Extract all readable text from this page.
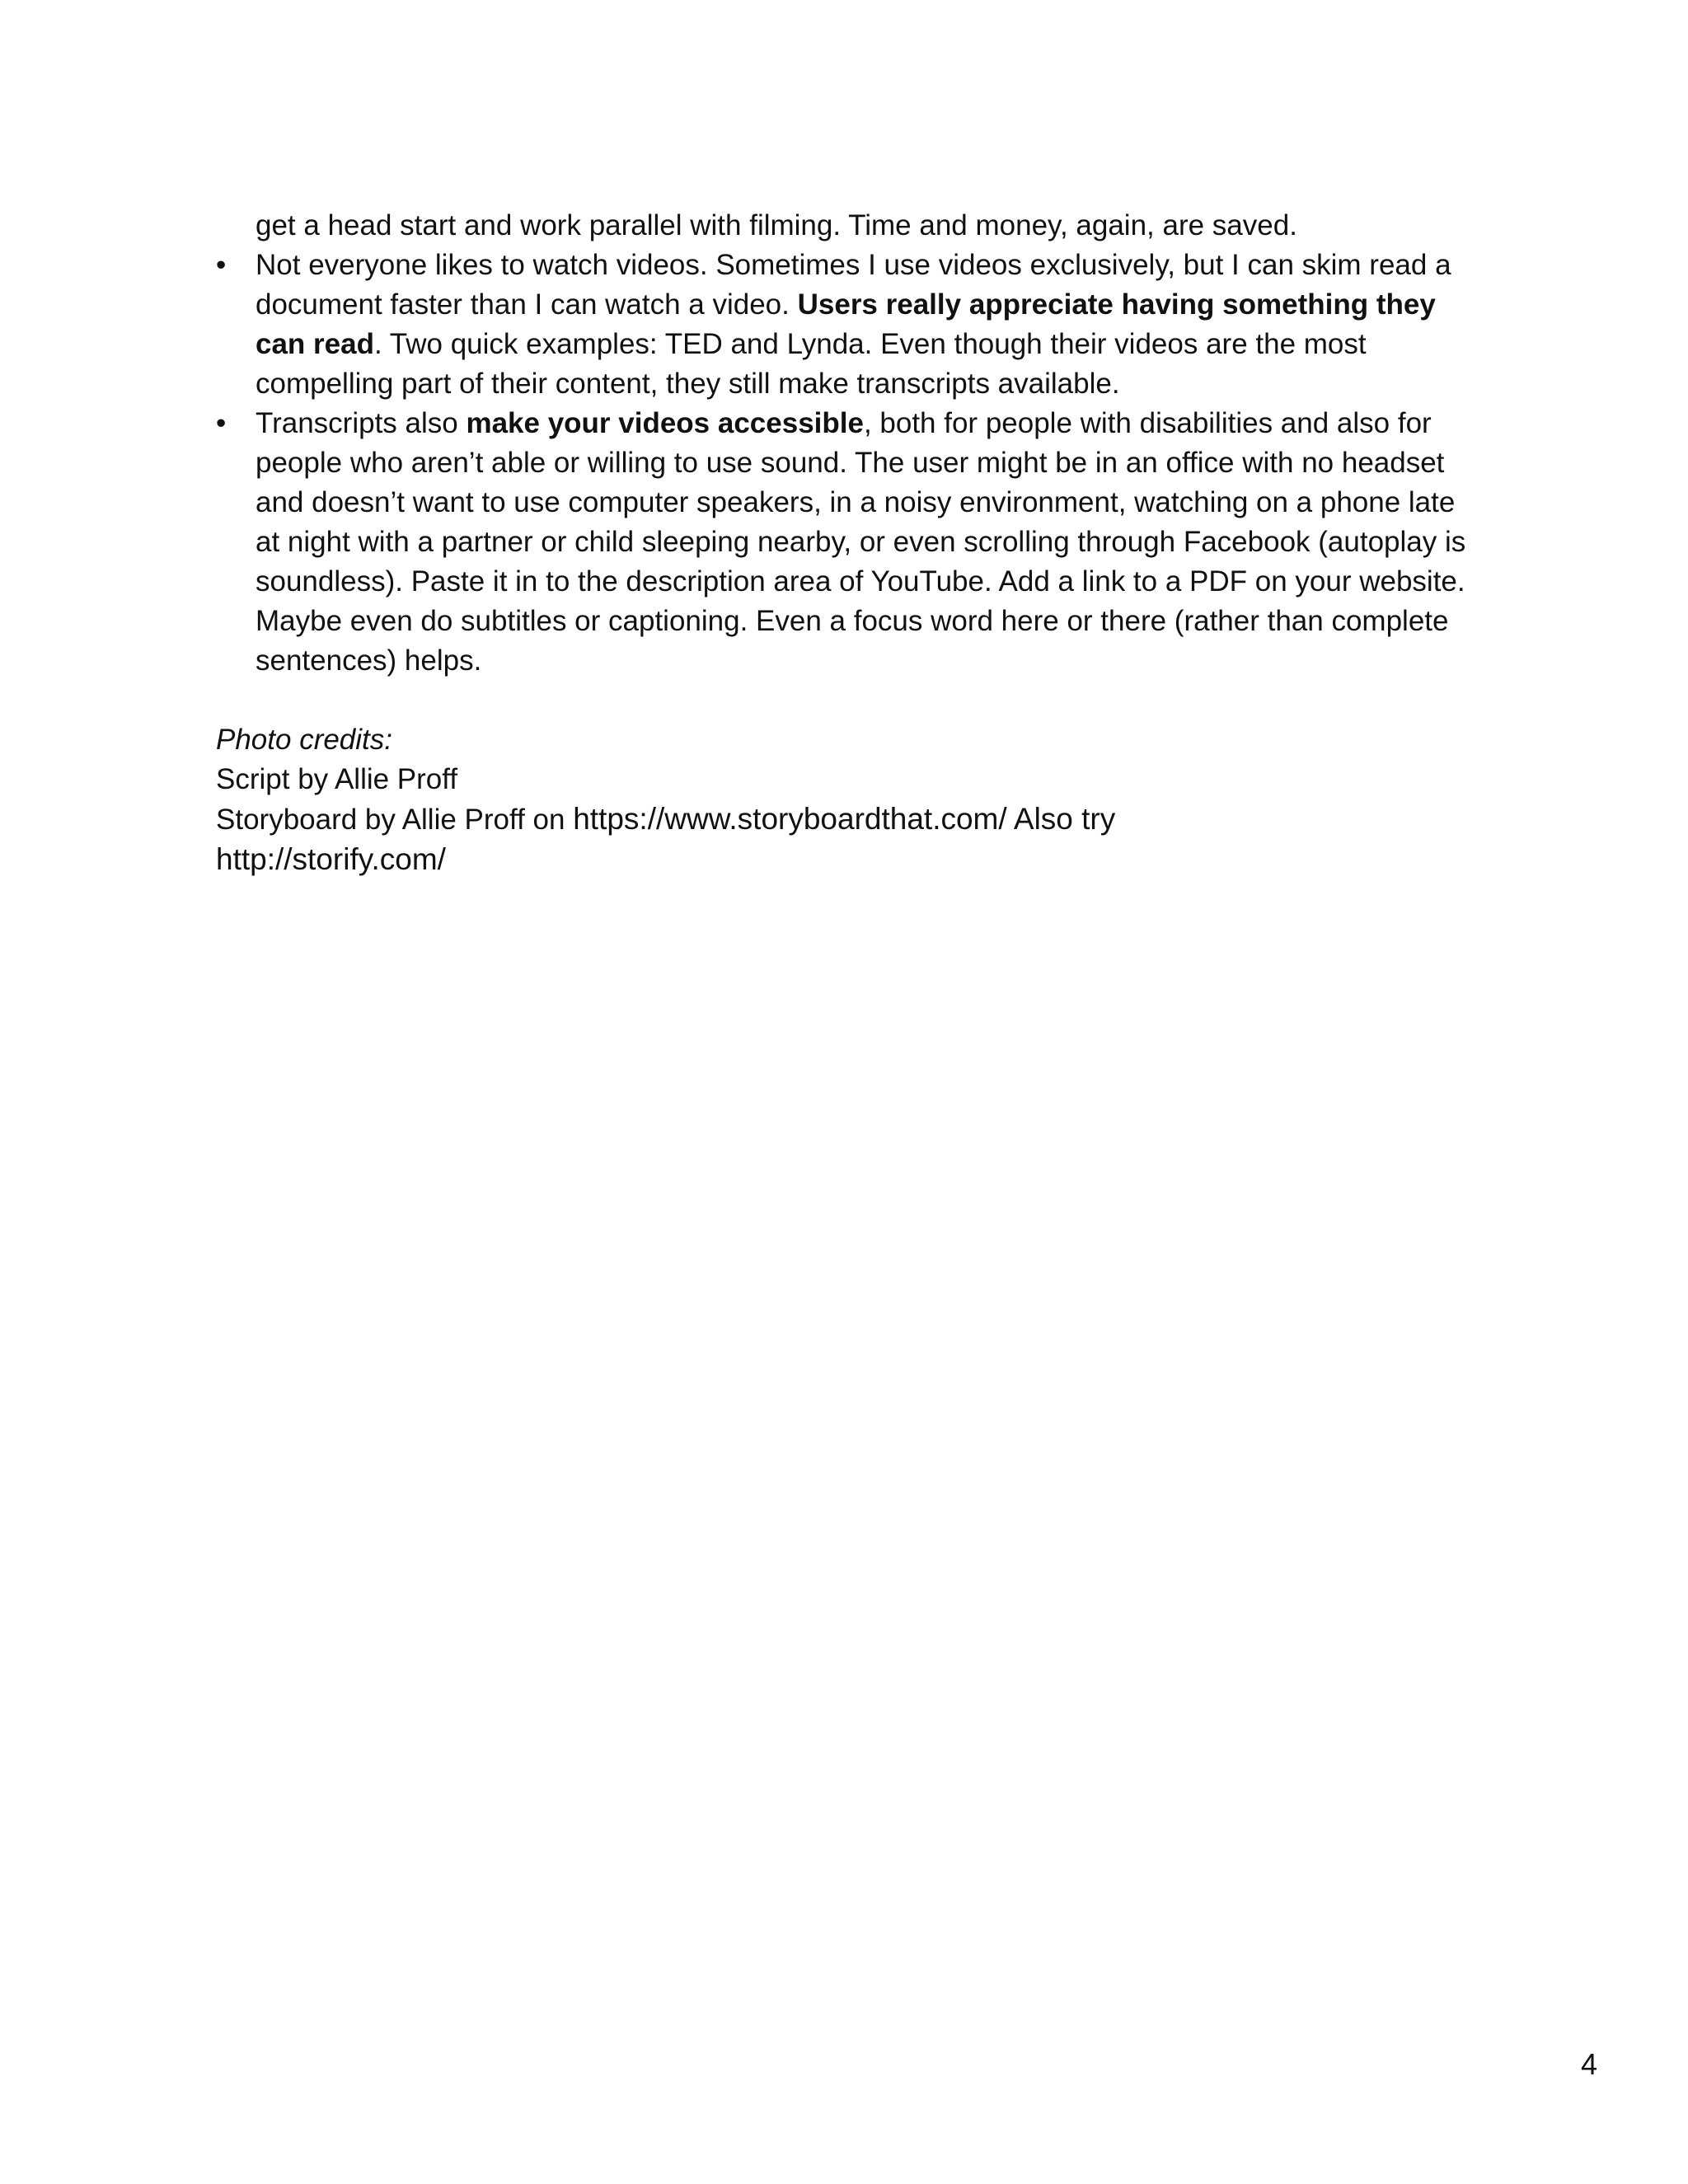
get a head start and work parallel with filming. Time and money, again, are saved.

•	Not everyone likes to watch videos. Sometimes I use videos exclusively, but I can skim read a document faster than I can watch a video. Users really appreciate having something they can read. Two quick examples: TED and Lynda. Even though their videos are the most compelling part of their content, they still make transcripts available.
•	Transcripts also make your videos accessible, both for people with disabilities and also for people who aren’t able or willing to use sound. The user might be in an office with no headset and doesn’t want to use computer speakers, in a noisy environment, watching on a phone late at night with a partner or child sleeping nearby, or even scrolling through Facebook (autoplay is soundless). Paste it in to the description area of YouTube. Add a link to a PDF on your website. Maybe even do subtitles or captioning. Even a focus word here or there (rather than complete sentences) helps.

Photo credits:

Script by Allie Proff

Storyboard by Allie Proff on https://www.storyboardthat.com/ Also try

http://storify.com/

4
